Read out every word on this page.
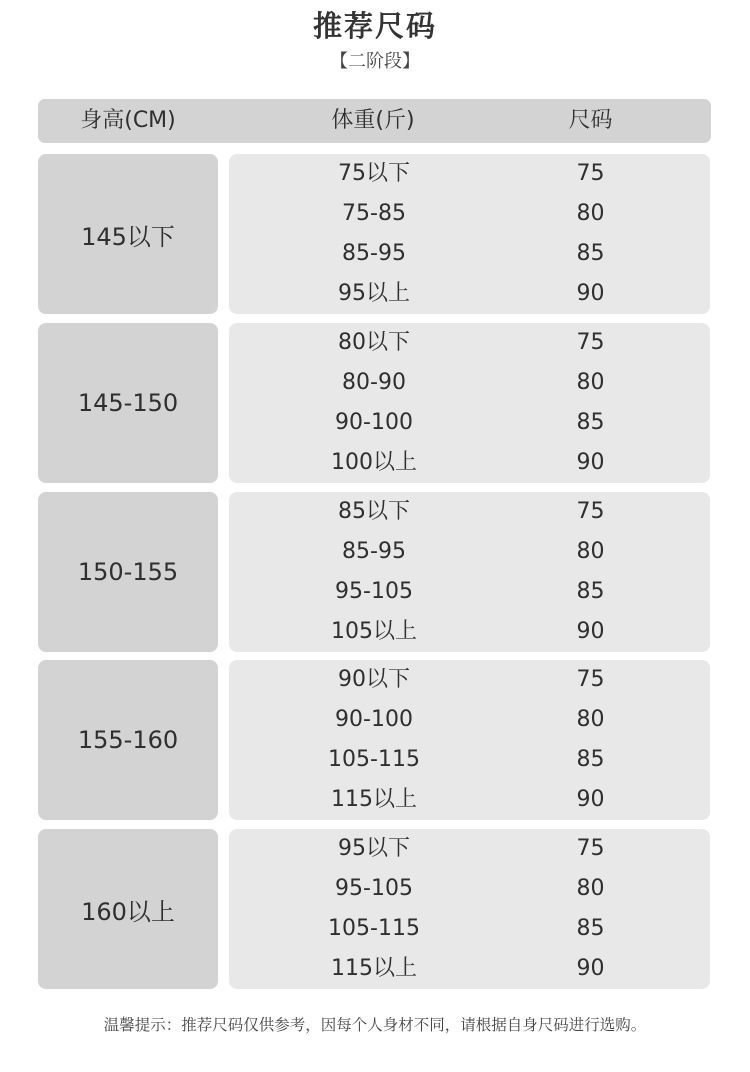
推荐尺码
【二阶段】
身高(CM)	体重(斤)	尺码
145以下
75以下	75
75-85	80
85-95	85
95以上	90
145-150
80以下	75
80-90	80
90-100	85
100以上	90
150-155
85以下	75
85-95	80
95-105	85
105以上	90
155-160
90以下	75
90-100	80
105-115	85
115以上	90
160以上
95以下	75
95-105	80
105-115	85
115以上	90
温馨提示：推荐尺码仅供参考，因每个人身材不同，请根据自身尺码进行选购。
